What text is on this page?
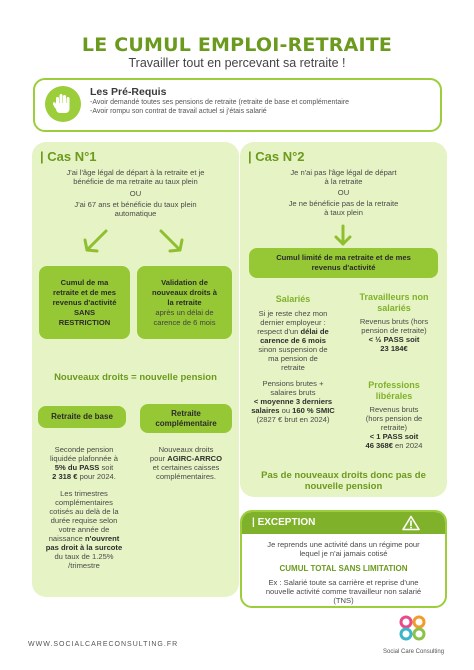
LE CUMUL EMPLOI-RETRAITE
Travailler tout en percevant sa retraite !
Les Pré-Requis
-Avoir demandé toutes ses pensions de retraite (retraite de base et complémentaire
-Avoir rompu son contrat de travail actuel si j'étais salarié
| Cas N°1
J'ai l'âge légal de départ à la retraite et je
bénéficie de ma retraite au taux plein
OU
J'ai 67 ans et bénéficie du taux plein
automatique
Cumul de ma
retraite et de mes
revenus d'activité
SANS
RESTRICTION
Validation de
nouveaux droits à
la retraite
après un délai de
carence de 6 mois
Nouveaux droits = nouvelle pension
Retraite de base	Retraite
complémentaire
Seconde pension
liquidée plafonnée à
5% du PASS soit
2 318 € pour 2024.
Les trimestres
complémentaires
cotisés au delà de la
durée requise selon
votre année de
naissance n'ouvrent
pas droit à la surcote
du taux de 1.25%
/trimestre
Nouveaux droits
pour AGIRC-ARRCO
et certaines caisses
complémentaires.
| Cas N°2
Je n'ai pas l'âge légal de départ
à la retraite
OU
Je ne bénéficie pas de la retraite
à taux plein
Cumul limité de ma retraite et de mes
revenus d'activité
Salariés
Si je reste chez mon
dernier employeur :
respect d'un délai de
carence de 6 mois
sinon suspension de
ma pension de
retraite
Pensions brutes +
salaires bruts
< moyenne 3 derniers
salaires ou 160 % SMIC
(2827 € brut en 2024)
Travailleurs non
salariés
Revenus bruts (hors
pension de retraite)
< ½ PASS soit
23 184€
Professions
libérales
Revenus bruts
(hors pension de
retraite)
< 1 PASS soit
46 368€ en 2024
Pas de nouveaux droits donc pas de
nouvelle pension
| EXCEPTION
Je reprends une activité dans un régime pour
lequel je n'ai jamais cotisé
CUMUL TOTAL SANS LIMITATION
Ex : Salarié toute sa carrière et reprise d'une
nouvelle activité comme travailleur non salarié
(TNS)
WWW.SOCIALCARECONSULTING.FR
Social Care Consulting
